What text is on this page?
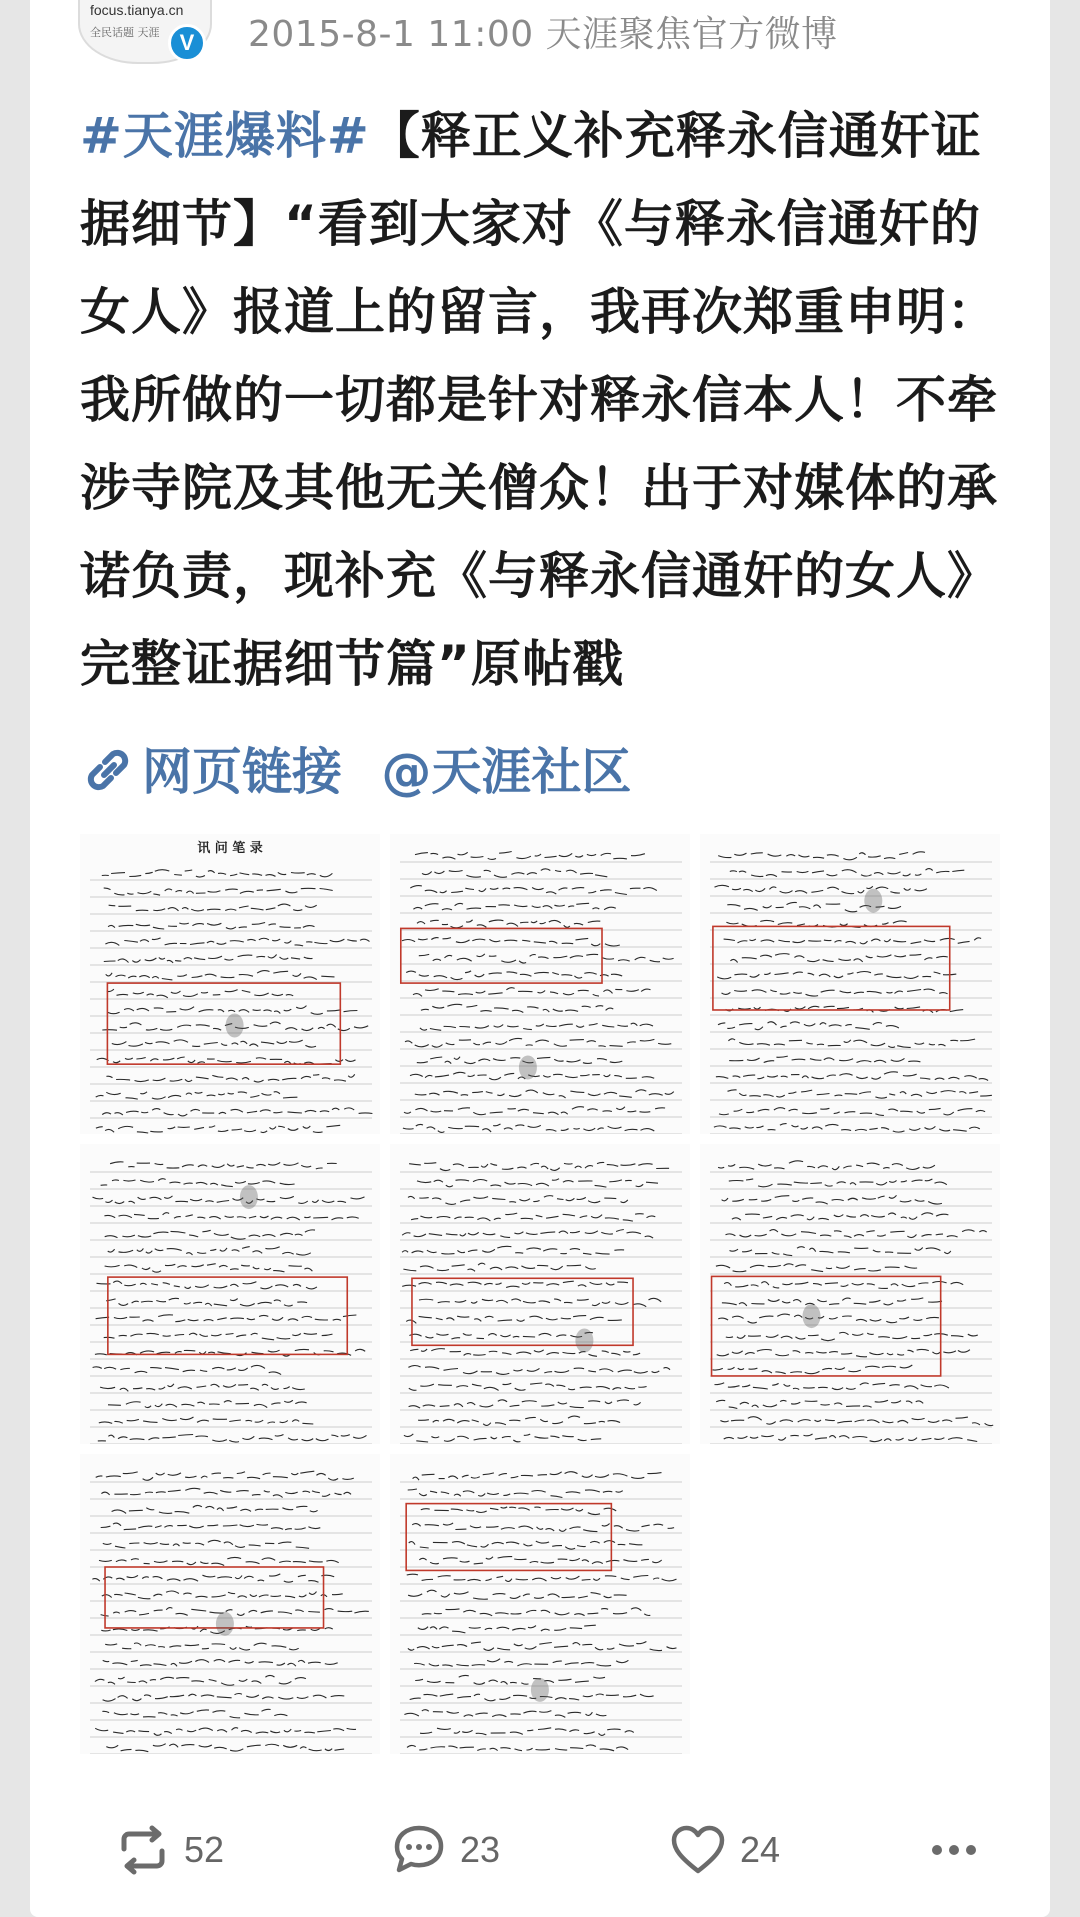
focus.tianya.cn
全民话题 天涯 V	2015-8-1 11:00 天涯聚焦官方微博
#天涯爆料#【释正义补充释永信通奸证据细节】“看到大家对《与释永信通奸的女人》报道上的留言，我再次郑重申明：我所做的一切都是针对释永信本人！不牵涉寺院及其他无关僧众！出于对媒体的承诺负责，现补充《与释永信通奸的女人》完整证据细节篇”原帖戳
网页链接 @天涯社区
讯 问 笔 录
52	23	24
